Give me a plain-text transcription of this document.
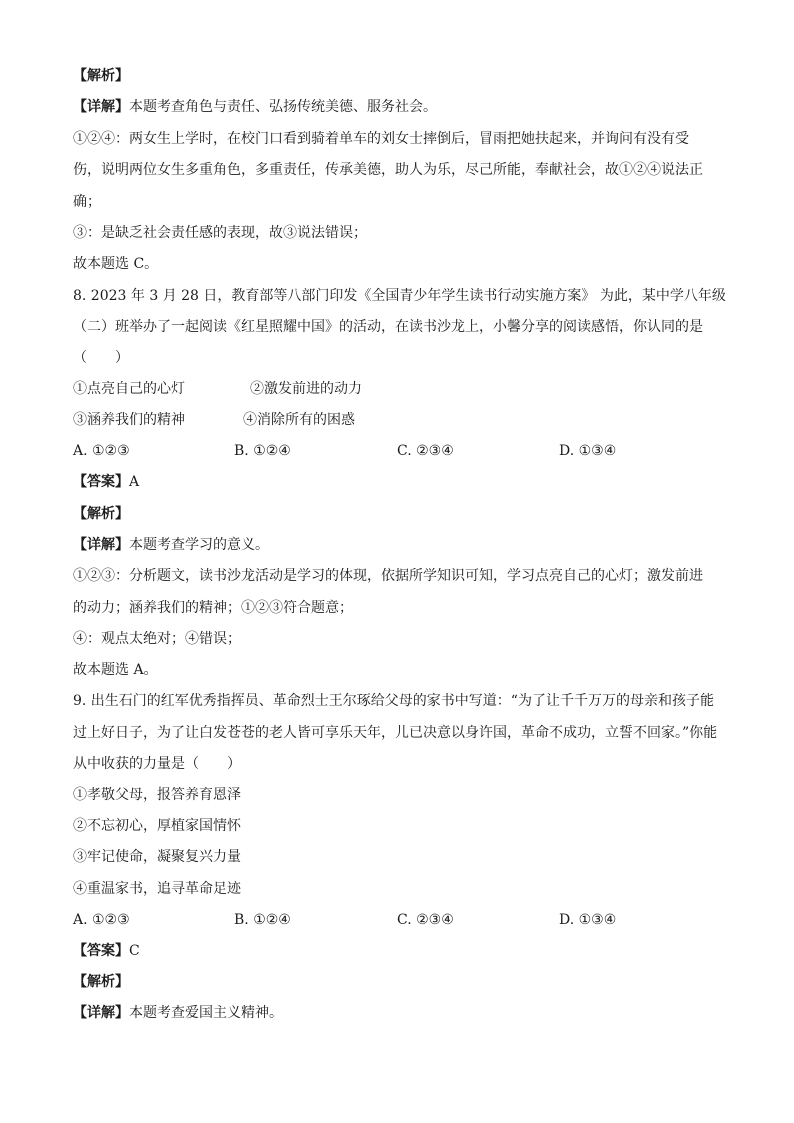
【解析】
【详解】本题考查角色与责任、弘扬传统美德、服务社会。
①②④：两女生上学时，在校门口看到骑着单车的刘女士摔倒后，冒雨把她扶起来，并询问有没有受
伤，说明两位女生多重角色，多重责任，传承美德，助人为乐，尽己所能，奉献社会，故①②④说法正
确；
③：是缺乏社会责任感的表现，故③说法错误；
故本题选 C。
8. 2023 年 3 月 28 日，教育部等八部门印发《全国青少年学生读书行动实施方案》 为此，某中学八年级
（二）班举办了一起阅读《红星照耀中国》的活动，在读书沙龙上，小馨分享的阅读感悟，你认同的是
（　　）
①点亮自己的心灯	②激发前进的动力
③涵养我们的精神	④消除所有的困惑
A. ①②③	B. ①②④	C. ②③④	D. ①③④
【答案】A
【解析】
【详解】本题考查学习的意义。
①②③：分析题文，读书沙龙活动是学习的体现，依据所学知识可知，学习点亮自己的心灯；激发前进
的动力；涵养我们的精神；①②③符合题意；
④：观点太绝对；④错误；
故本题选 A。
9. 出生石门的红军优秀指挥员、革命烈士王尔琢给父母的家书中写道：“为了让千千万万的母亲和孩子能
过上好日子，为了让白发苍苍的老人皆可享乐天年，儿已决意以身许国，革命不成功，立誓不回家。”你能
从中收获的力量是（　　）
①孝敬父母，报答养育恩泽
②不忘初心，厚植家国情怀
③牢记使命，凝聚复兴力量
④重温家书，追寻革命足迹
A. ①②③	B. ①②④	C. ②③④	D. ①③④
【答案】C
【解析】
【详解】本题考查爱国主义精神。
